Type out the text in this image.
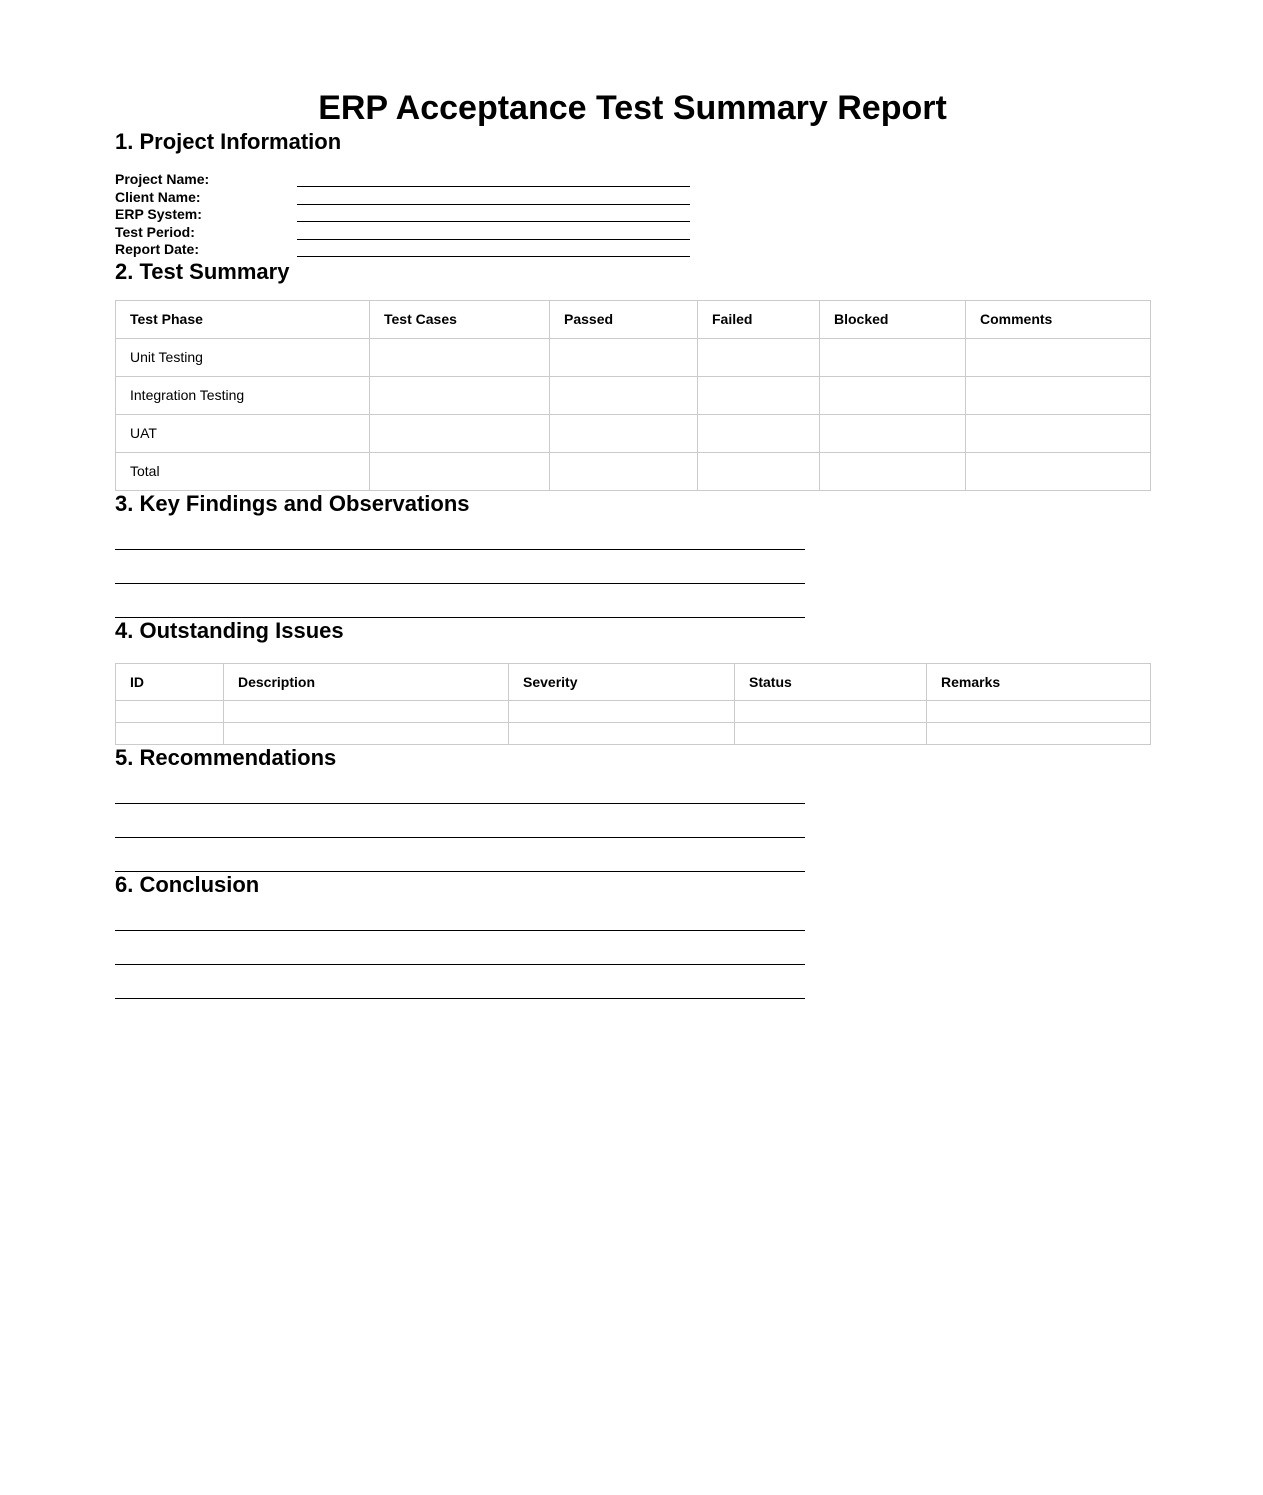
ERP Acceptance Test Summary Report
1. Project Information
Project Name:
Client Name:
ERP System:
Test Period:
Report Date:
2. Test Summary
Test Phase	Test Cases	Passed	Failed	Blocked	Comments
Unit Testing					
Integration Testing					
UAT					
Total					
3. Key Findings and Observations
4. Outstanding Issues
ID	Description	Severity	Status	Remarks

5. Recommendations
6. Conclusion
